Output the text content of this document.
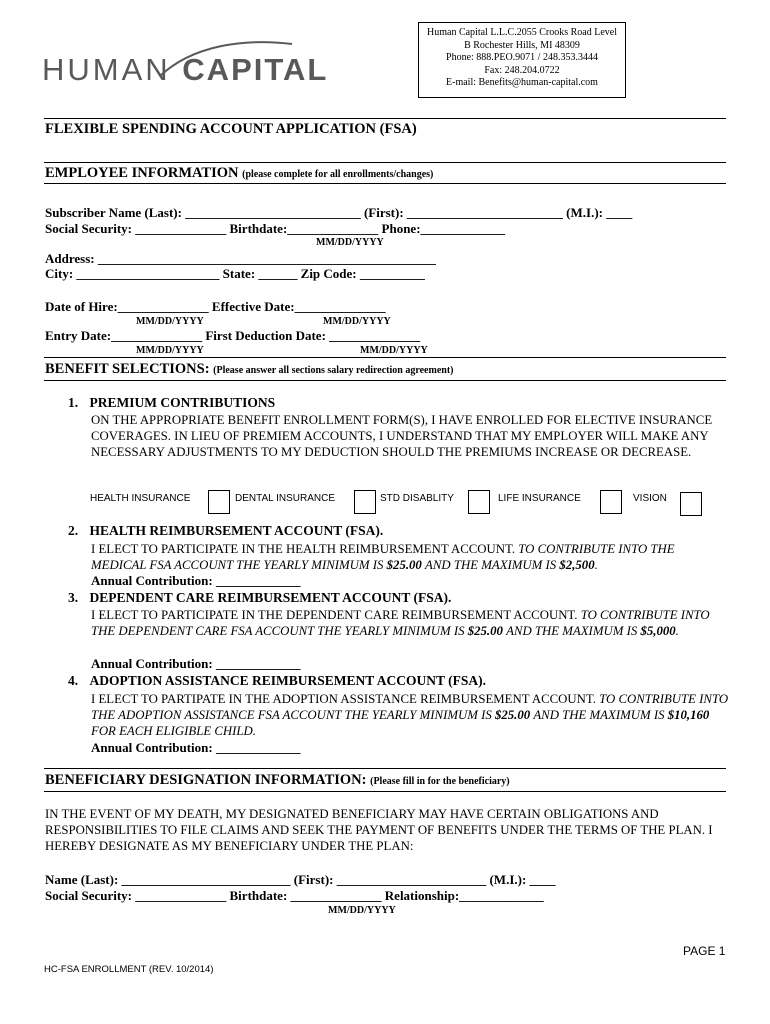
HUMAN CAPITAL
Human Capital L.L.C.2055 Crooks Road Level
B Rochester Hills, MI 48309
Phone: 888.PEO.9071 / 248.353.3444
Fax: 248.204.0722
E-mail: Benefits@human-capital.com
FLEXIBLE SPENDING ACCOUNT APPLICATION (FSA)
EMPLOYEE INFORMATION (please complete for all enrollments/changes)
Subscriber Name (Last): ___________________________ (First): ________________________ (M.I.): ____
Social Security: ______________ Birthdate:______________ Phone:_____________
MM/DD/YYYY
Address: ____________________________________________________
City: ______________________ State: ______ Zip Code: __________
Date of Hire:______________ Effective Date:______________
MM/DD/YYYY	MM/DD/YYYY
Entry Date:______________ First Deduction Date: ______________
MM/DD/YYYY	MM/DD/YYYY
BENEFIT SELECTIONS: (Please answer all sections salary redirection agreement)
1. PREMIUM CONTRIBUTIONS
ON THE APPROPRIATE BENEFIT ENROLLMENT FORM(S), I HAVE ENROLLED FOR ELECTIVE INSURANCE COVERAGES. IN LIEU OF PREMIEM ACCOUNTS, I UNDERSTAND THAT MY EMPLOYER WILL MAKE ANY NECESSARY ADJUSTMENTS TO MY DEDUCTION SHOULD THE PREMIUMS INCREASE OR DECREASE.
HEALTH INSURANCE	DENTAL INSURANCE	STD DISABLITY	LIFE INSURANCE	VISION
2. HEALTH REIMBURSEMENT ACCOUNT (FSA).
I ELECT TO PARTICIPATE IN THE HEALTH REIMBURSEMENT ACCOUNT. TO CONTRIBUTE INTO THE MEDICAL FSA ACCOUNT THE YEARLY MINIMUM IS $25.00 AND THE MAXIMUM IS $2,500.
Annual Contribution: _____________
3. DEPENDENT CARE REIMBURSEMENT ACCOUNT (FSA).
I ELECT TO PARTICIPATE IN THE DEPENDENT CARE REIMBURSEMENT ACCOUNT. TO CONTRIBUTE INTO THE DEPENDENT CARE FSA ACCOUNT THE YEARLY MINIMUM IS $25.00 AND THE MAXIMUM IS $5,000.
Annual Contribution: _____________
4. ADOPTION ASSISTANCE REIMBURSEMENT ACCOUNT (FSA).
I ELECT TO PARTIPATE IN THE ADOPTION ASSISTANCE REIMBURSEMENT ACCOUNT. TO CONTRIBUTE INTO THE ADOPTION ASSISTANCE FSA ACCOUNT THE YEARLY MINIMUM IS $25.00 AND THE MAXIMUM IS $10,160 FOR EACH ELIGIBLE CHILD.
Annual Contribution: _____________
BENEFICIARY DESIGNATION INFORMATION: (Please fill in for the beneficiary)
IN THE EVENT OF MY DEATH, MY DESIGNATED BENEFICIARY MAY HAVE CERTAIN OBLIGATIONS AND RESPONSIBILITIES TO FILE CLAIMS AND SEEK THE PAYMENT OF BENEFITS UNDER THE TERMS OF THE PLAN. I HEREBY DESIGNATE AS MY BENEFICIARY UNDER THE PLAN:
Name (Last): __________________________ (First): _______________________ (M.I.): ____
Social Security: ______________ Birthdate: ______________ Relationship:_____________
MM/DD/YYYY
PAGE 1
HC-FSA ENROLLMENT (REV. 10/2014)
